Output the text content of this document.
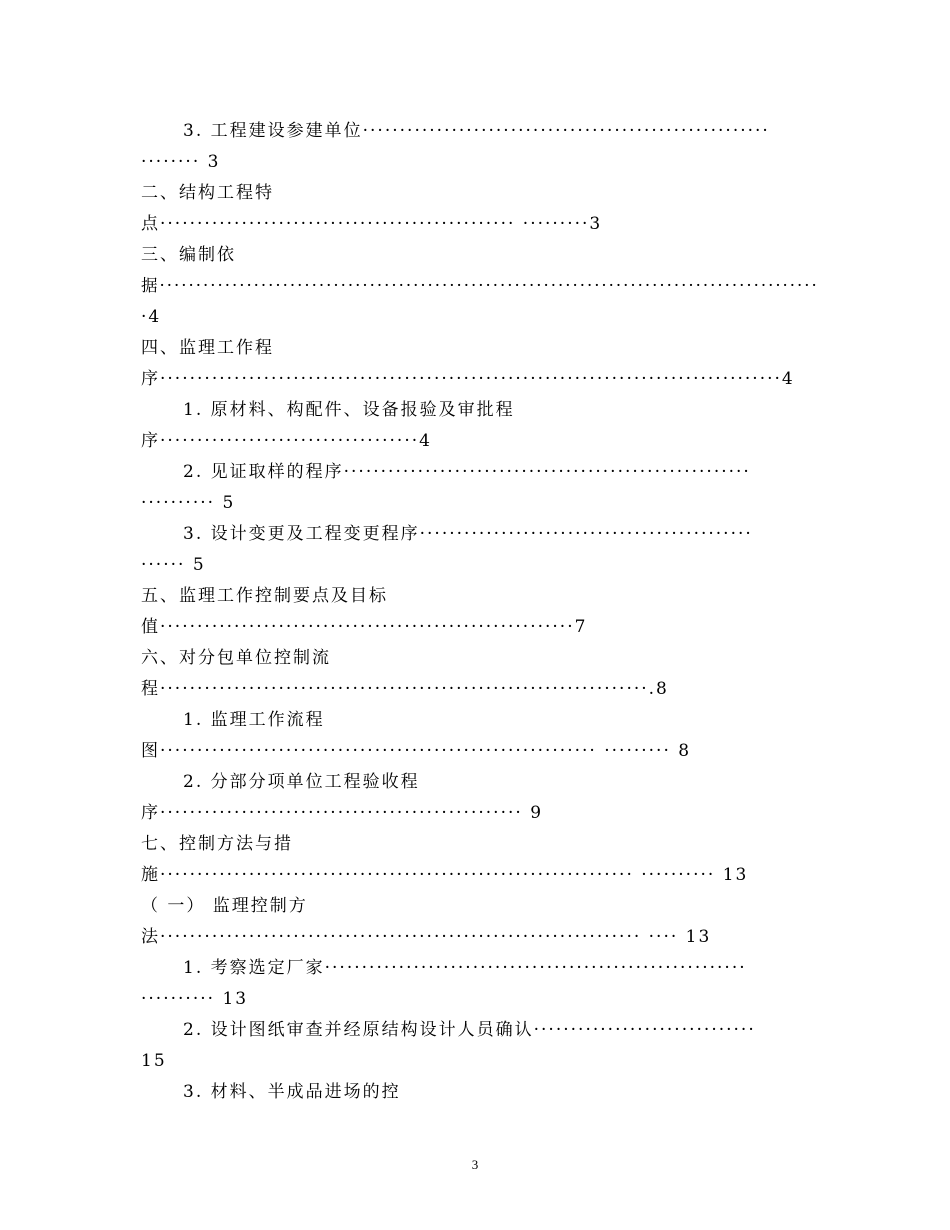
3. 工程建设参建单位·······················································
········ 3
二、结构工程特
点················································ ·········3
三、编制依
据···························································································
·4
四、监理工作程
序····················································································4
1. 原材料、构配件、设备报验及审批程
序···································4
2. 见证取样的程序·······················································
·········· 5
3. 设计变更及工程变更程序·············································
······ 5
五、监理工作控制要点及目标
值························································7
六、对分包单位控制流
程··································································.8
1. 监理工作流程
图··························································· ········· 8
2. 分部分项单位工程验收程
序················································· 9
七、控制方法与措
施································································ ·········· 13
（ 一） 监理控制方
法································································· ···· 13
1. 考察选定厂家·························································
·········· 13
2. 设计图纸审查并经原结构设计人员确认······························
15
3. 材料、半成品进场的控
3
